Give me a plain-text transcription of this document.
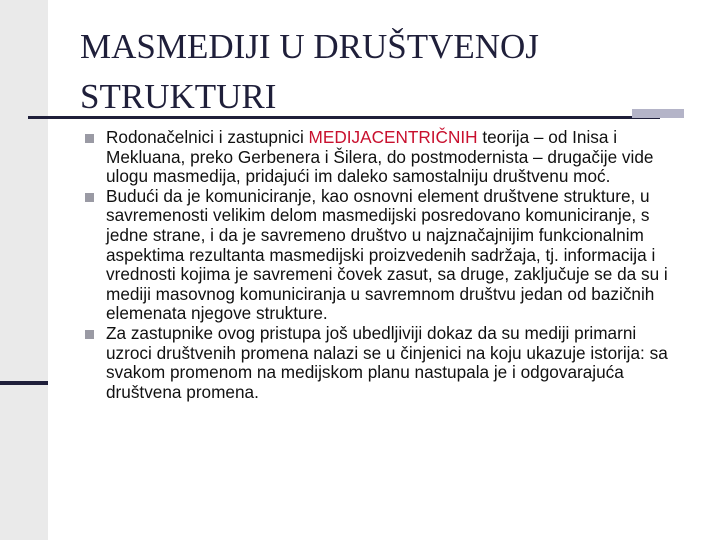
MASMEDIJI U DRUŠTVENOJ STRUKTURI
Rodonačelnici i zastupnici MEDIJACENTRIČNIH teorija – od Inisa i Mekluana, preko Gerbenera i Šilera, do postmodernista – drugačije vide ulogu masmedija, pridajući im daleko samostalniju društvenu moć.
Budući da je komuniciranje, kao osnovni element društvene strukture, u savremenosti velikim delom masmedijski posredovano komuniciranje, s jedne strane, i da je savremeno društvo u najznačajnijim funkcionalnim aspektima rezultanta masmedijski proizvedenih sadržaja, tj. informacija i vrednosti kojima je savremeni čovek zasut, sa druge, zaključuje se da su i mediji masovnog komuniciranja u savremnom društvu jedan od bazičnih elemenata njegove strukture.
Za zastupnike ovog pristupa još ubedljiviji dokaz da su mediji primarni uzroci društvenih promena nalazi se u činjenici na koju ukazuje istorija: sa svakom promenom na medijskom planu nastupala je i odgovarajuća društvena promena.
